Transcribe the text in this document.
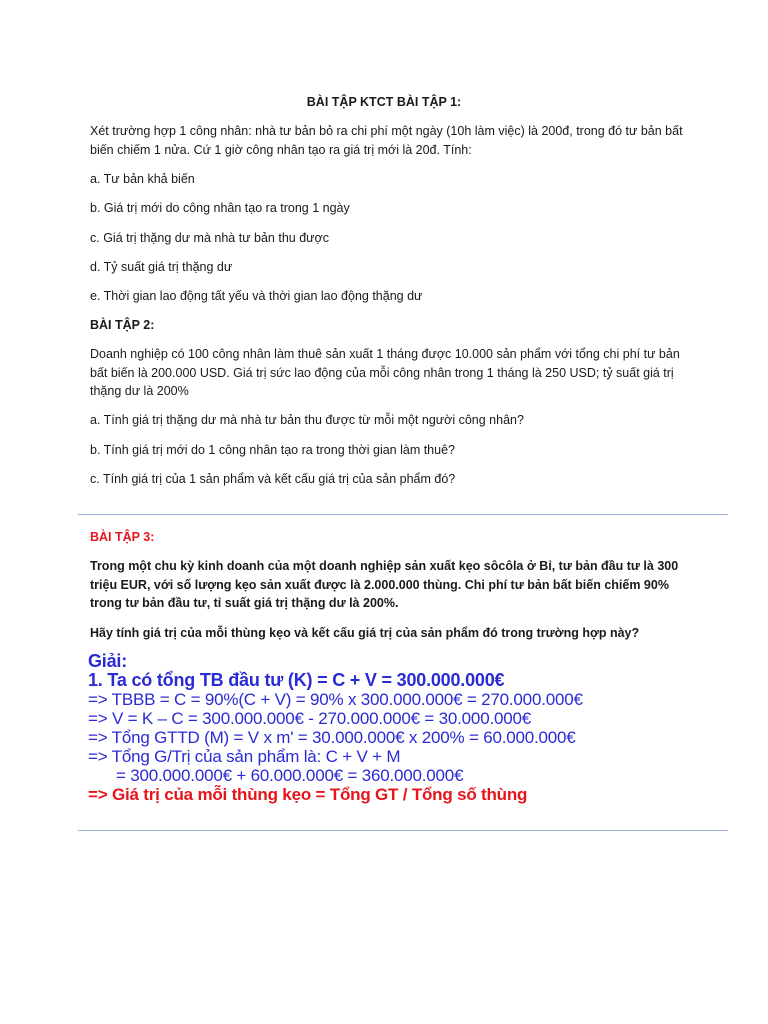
BÀI TẬP KTCT BÀI TẬP 1:

Xét trường hợp 1 công nhân: nhà tư bản bỏ ra chi phí một ngày (10h làm việc) là 200đ, trong đó tư bản bất biến chiếm 1 nửa. Cứ 1 giờ công nhân tạo ra giá trị mới là 20đ. Tính:

a. Tư bản khả biến

b. Giá trị mới do công nhân tạo ra trong 1 ngày

c. Giá trị thặng dư mà nhà tư bản thu được

d. Tỷ suất giá trị thặng dư

e. Thời gian lao động tất yếu và thời gian lao động thặng dư

BÀI TẬP 2:

Doanh nghiệp có 100 công nhân làm thuê sản xuất 1 tháng được 10.000 sản phẩm với tổng chi phí tư bản bất biến là 200.000 USD. Giá trị sức lao động của mỗi công nhân trong 1 tháng là 250 USD; tỷ suất giá trị thặng dư là 200%

a. Tính giá trị thặng dư mà nhà tư bản thu được từ mỗi một người công nhân?

b. Tính giá trị mới do 1 công nhân tạo ra trong thời gian làm thuê?

c. Tính giá trị của 1 sản phẩm và kết cấu giá trị của sản phẩm đó?

BÀI TẬP 3:

Trong một chu kỳ kinh doanh của một doanh nghiệp sản xuất kẹo sôcôla ở Bỉ, tư bản đầu tư là 300 triệu EUR, với số lượng kẹo sản xuất được là 2.000.000 thùng. Chi phí tư bản bất biến chiếm 90% trong tư bản đầu tư, tỉ suất giá trị thặng dư là 200%.

Hãy tính giá trị của mỗi thùng kẹo và kết cấu giá trị của sản phẩm đó trong trường hợp này?

Giải:
1. Ta có tổng TB đầu tư (K) = C + V = 300.000.000€
=> TBBB = C = 90%(C + V) = 90% x 300.000.000€ = 270.000.000€
=> V = K – C = 300.000.000€ - 270.000.000€ = 30.000.000€
=> Tổng GTTD (M) = V x m' = 30.000.000€ x 200% = 60.000.000€
=> Tổng G/Trị của sản phẩm là: C + V + M
= 300.000.000€ + 60.000.000€ = 360.000.000€
=> Giá trị của mỗi thùng kẹo = Tổng GT / Tổng số thùng
